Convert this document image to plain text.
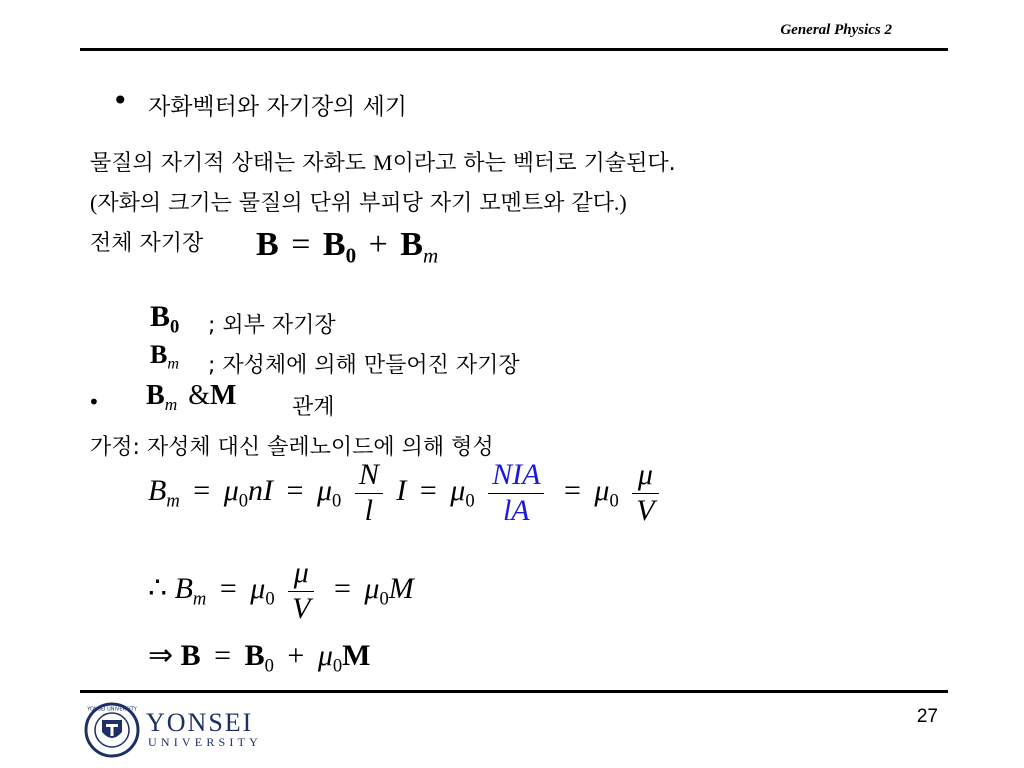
General Physics 2
• 자화벡터와 자기장의 세기
물질의 자기적 상태는 자화도 M이라고 하는 벡터로 기술된다.
(자화의 크기는 물질의 단위 부피당 자기 모멘트와 같다.)
전체 자기장 $B = B_0 + B_m$
$B_0$ ; 외부 자기장
$B_m$ ; 자성체에 의해 만들어진 자기장
• $B_m$ &M	관계
가정: 자성체 대신 솔레노이드에 의해 형성
$B_m = \mu_0nI = \mu_0 \frac{N}{l}$ $I = \mu_0 \frac{\text{NIA}}{lA} = \mu_0 \frac{\mu}{V}$
∴ $B_m = \mu_0 \frac{\mu}{V} = \mu_0M$
⇒ $B = B_0 + \mu_0M$
YONSEI UNIVERSITY YONSEI
UNIVERSITY
27
